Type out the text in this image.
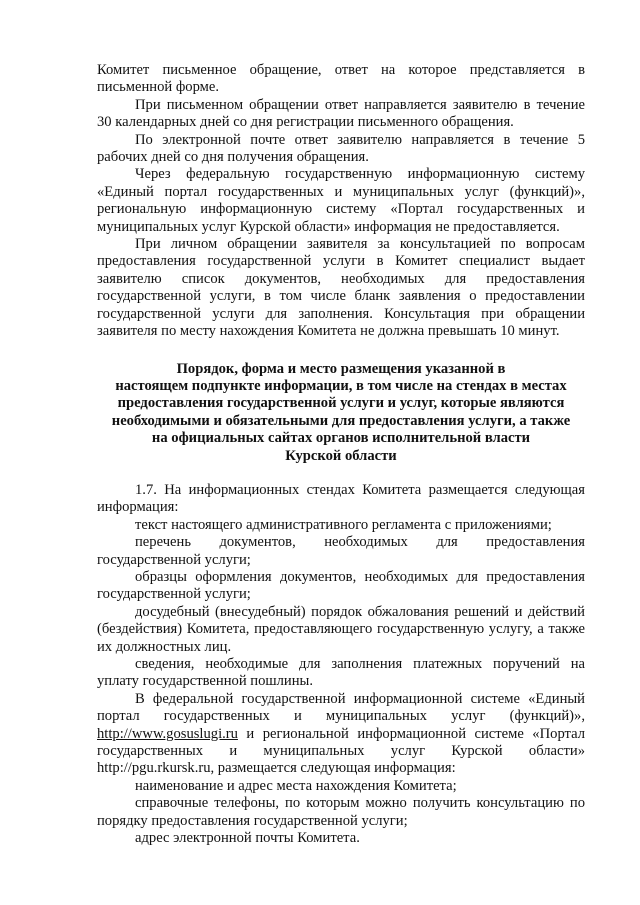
Комитет письменное обращение, ответ на которое представляется в письменной форме.

При письменном обращении ответ направляется заявителю в течение 30 календарных дней со дня регистрации письменного обращения.

По электронной почте ответ заявителю направляется в течение 5 рабочих дней со дня получения обращения.

Через федеральную государственную информационную систему «Единый портал государственных и муниципальных услуг (функций)», региональную информационную систему «Портал государственных и муниципальных услуг Курской области» информация не предоставляется.

При личном обращении заявителя за консультацией по вопросам предоставления государственной услуги в Комитет специалист выдает заявителю список документов, необходимых для предоставления государственной услуги, в том числе бланк заявления о предоставлении государственной услуги для заполнения. Консультация при обращении заявителя по месту нахождения Комитета не должна превышать 10 минут.

Порядок, форма и место размещения указанной в
настоящем подпункте информации, в том числе на стендах в местах
предоставления государственной услуги и услуг, которые являются
необходимыми и обязательными для предоставления услуги, а также
на официальных сайтах органов исполнительной власти
Курской области

1.7. На информационных стендах Комитета размещается следующая информация:

текст настоящего административного регламента с приложениями;

перечень документов, необходимых для предоставления государственной услуги;

образцы оформления документов, необходимых для предоставления государственной услуги;

досудебный (внесудебный) порядок обжалования решений и действий (бездействия) Комитета, предоставляющего государственную услугу, а также их должностных лиц.

сведения, необходимые для заполнения платежных поручений на уплату государственной пошлины.

В федеральной государственной информационной системе «Единый портал государственных и муниципальных услуг (функций)», http://www.gosuslugi.ru и региональной информационной системе «Портал государственных и муниципальных услуг Курской области» http://pgu.rkursk.ru, размещается следующая информация:

наименование и адрес места нахождения Комитета;

справочные телефоны, по которым можно получить консультацию по порядку предоставления государственной услуги;

адрес электронной почты Комитета.
